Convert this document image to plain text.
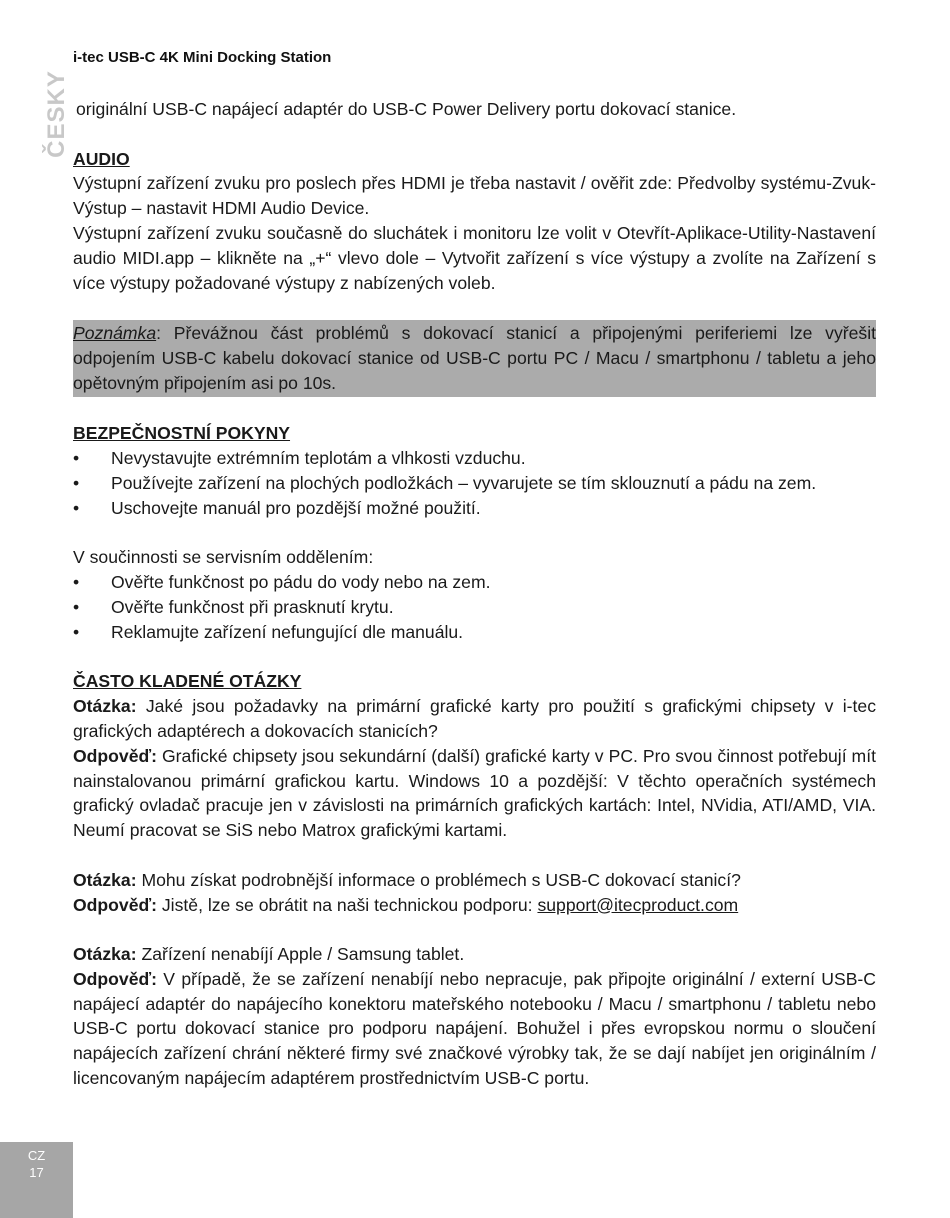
i-tec USB-C 4K Mini Docking Station
ČESKY originální USB-C napájecí adaptér do USB-C Power Delivery portu dokovací stanice.

AUDIO

Výstupní zařízení zvuku pro poslech přes HDMI je třeba nastavit / ověřit zde: Předvolby systému-Zvuk-Výstup – nastavit HDMI Audio Device.

Výstupní zařízení zvuku současně do sluchátek i monitoru lze volit v Otevřít-Aplikace-Utility-Nastavení audio MIDI.app – klikněte na „+“ vlevo dole – Vytvořit zařízení s více výstupy a zvolíte na Zařízení s více výstupy požadované výstupy z nabízených voleb.

Poznámka: Převážnou část problémů s dokovací stanicí a připojenými periferiemi lze vyřešit odpojením USB-C kabelu dokovací stanice od USB-C portu PC / Macu / smartphonu / tabletu a jeho opětovným připojením asi po 10s.

BEZPEČNOSTNÍ POKYNY

• Nevystavujte extrémním teplotám a vlhkosti vzduchu.
• Používejte zařízení na plochých podložkách – vyvarujete se tím sklouznutí a pádu na zem.
• Uschovejte manuál pro pozdější možné použití.

V součinnosti se servisním oddělením:

• Ověřte funkčnost po pádu do vody nebo na zem.
• Ověřte funkčnost při prasknutí krytu.
• Reklamujte zařízení nefungující dle manuálu.

ČASTO KLADENÉ OTÁZKY

Otázka: Jaké jsou požadavky na primární grafické karty pro použití s grafickými chipsety v i-tec grafických adaptérech a dokovacích stanicích?

Odpověď: Grafické chipsety jsou sekundární (další) grafické karty v PC. Pro svou činnost potřebují mít nainstalovanou primární grafickou kartu. Windows 10 a pozdější: V těchto operačních systémech grafický ovladač pracuje jen v závislosti na primárních grafických kartách: Intel, NVidia, ATI/AMD, VIA. Neumí pracovat se SiS nebo Matrox grafickými kartami.

Otázka: Mohu získat podrobnější informace o problémech s USB-C dokovací stanicí?

Odpověď: Jistě, lze se obrátit na naši technickou podporu: support@itecproduct.com

Otázka: Zařízení nenabíjí Apple / Samsung tablet.

Odpověď: V případě, že se zařízení nenabíjí nebo nepracuje, pak připojte originální / externí USB-C napájecí adaptér do napájecího konektoru mateřského notebooku / Macu / smartphonu / tabletu nebo USB-C portu dokovací stanice pro podporu napájení. Bohužel i přes evropskou normu o sloučení napájecích zařízení chrání některé firmy své značkové výrobky tak, že se dají nabíjet jen originálním / licencovaným napájecím adaptérem prostřednictvím USB-C portu.

CZ
17
